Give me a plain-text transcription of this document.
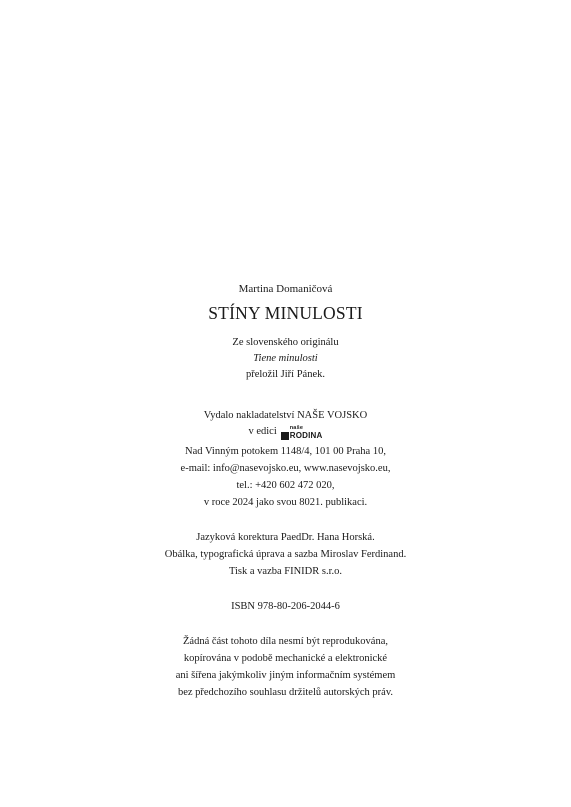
Martina Domaničová
STÍNY MINULOSTI
Ze slovenského originálu
Tiene minulosti
přeložil Jiří Pánek.
Vydalo nakladatelství NAŠE VOJSKO
v edici	naše
RODINA
Nad Vinným potokem 1148/4, 101 00 Praha 10,
e-mail: info@nasevojsko.eu, www.nasevojsko.eu,
tel.: +420 602 472 020,
v roce 2024 jako svou 8021. publikaci.
Jazyková korektura PaedDr. Hana Horská.
Obálka, typografická úprava a sazba Miroslav Ferdinand.
Tisk a vazba FINIDR s.r.o.
ISBN 978-80-206-2044-6
Žádná část tohoto díla nesmí být reprodukována,
kopírována v podobě mechanické a elektronické
ani šířena jakýmkoliv jiným informačním systémem
bez předchozího souhlasu držitelů autorských práv.
